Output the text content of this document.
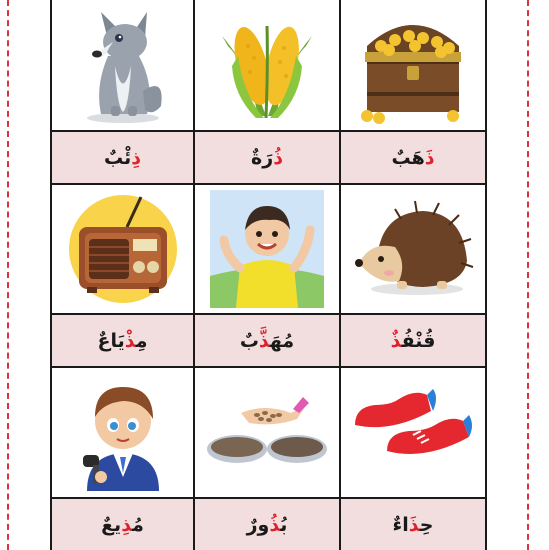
ذِئْبٌ	ذُرَةٌ	ذَهَبٌ
مِذْيَاعٌ	مُهَذَّبٌ	قُنْفُذٌ
مُذِيعٌ	بُذُورٌ	حِذَاءٌ
